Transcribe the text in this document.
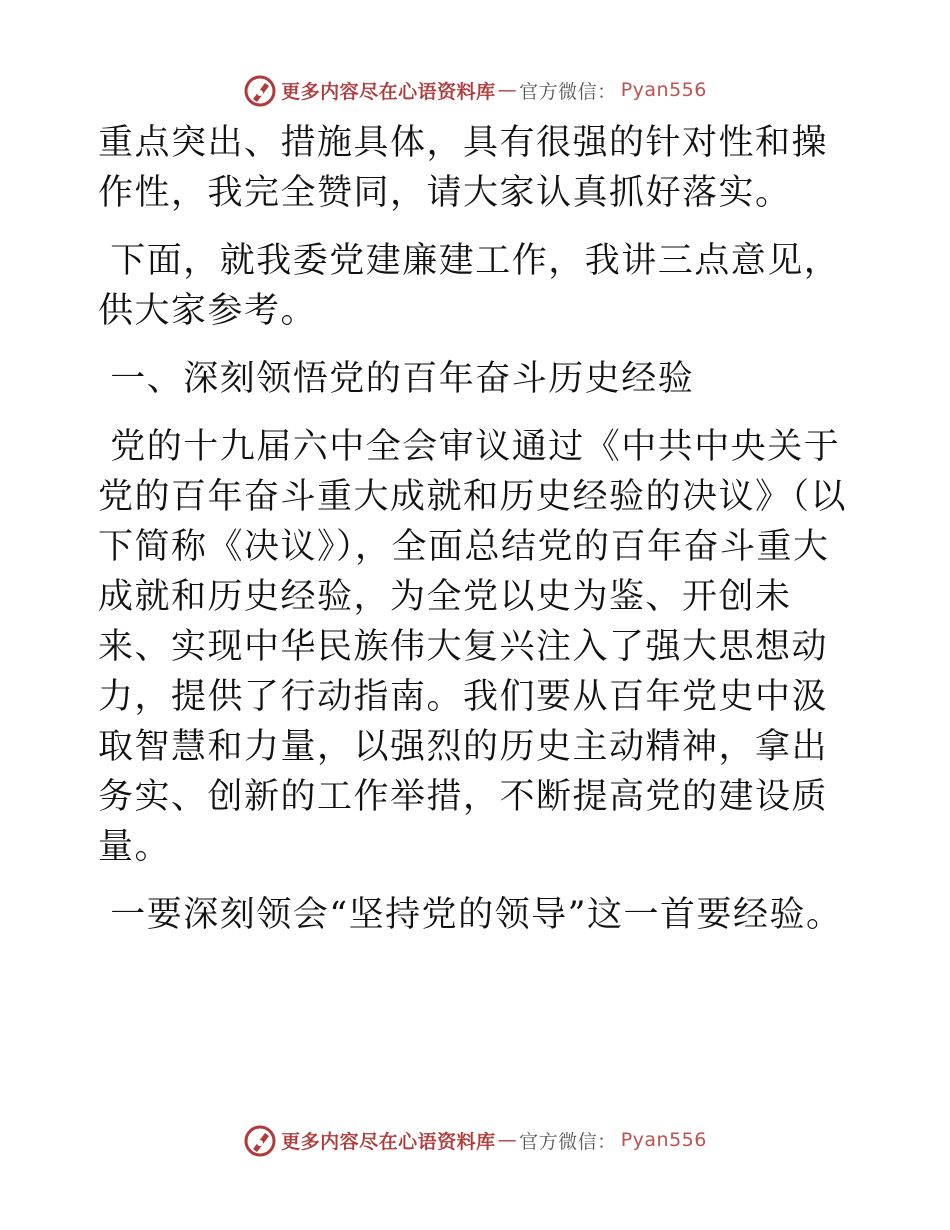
更多内容尽在心语资料库 — 官方微信： Pyan556

重点突出、措施具体，具有很强的针对性和操作性，我完全赞同，请大家认真抓好落实。

下面，就我委党建廉建工作，我讲三点意见，供大家参考。

一、深刻领悟党的百年奋斗历史经验

党的十九届六中全会审议通过《中共中央关于党的百年奋斗重大成就和历史经验的决议》（以下简称《决议》），全面总结党的百年奋斗重大成就和历史经验，为全党以史为鉴、开创未来、实现中华民族伟大复兴注入了强大思想动力，提供了行动指南。我们要从百年党史中汲取智慧和力量，以强烈的历史主动精神，拿出务实、创新的工作举措，不断提高党的建设质量。

一要深刻领会“坚持党的领导”这一首要经验。

更多内容尽在心语资料库 — 官方微信： Pyan556
